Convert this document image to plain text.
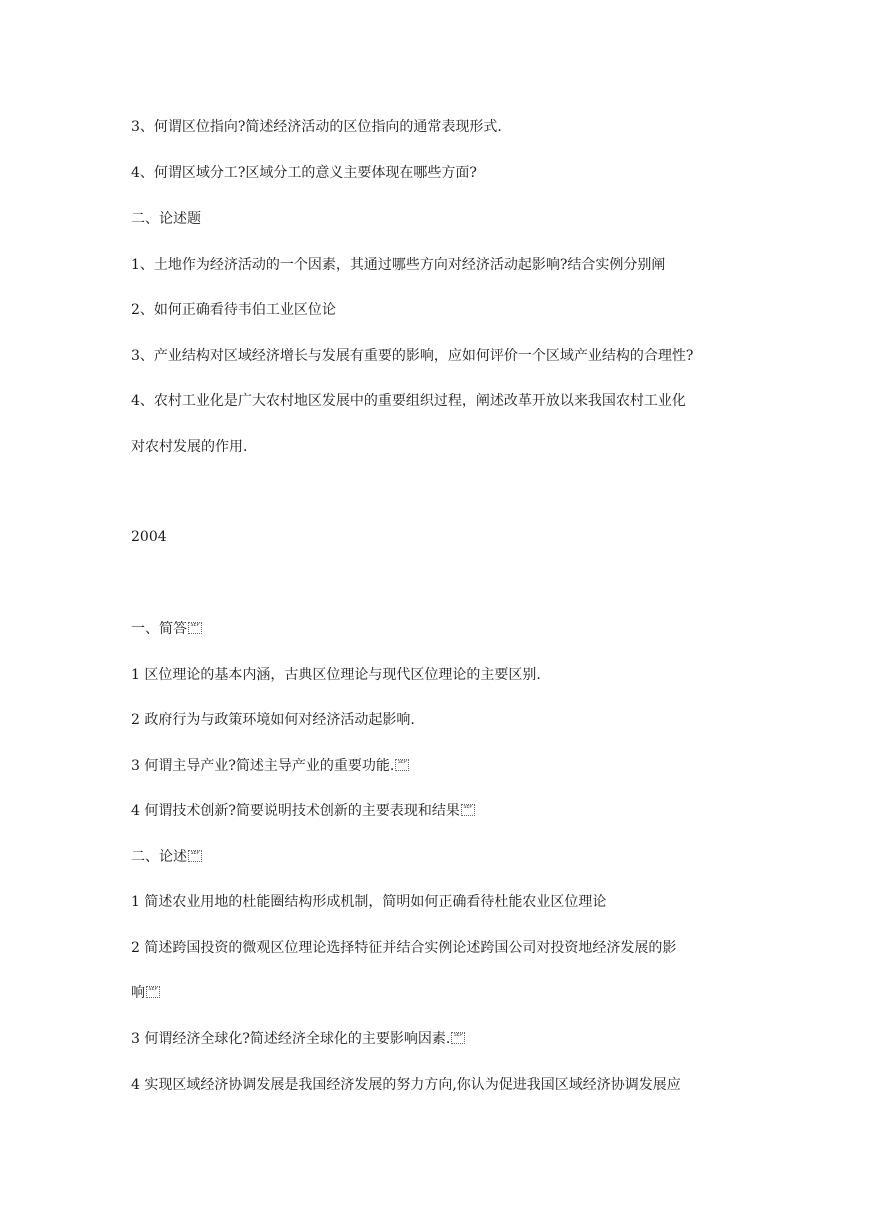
3、何谓区位指向?简述经济活动的区位指向的通常表现形式.

4、何谓区域分工?区域分工的意义主要体现在哪些方面?

二、论述题

1、土地作为经济活动的一个因素，其通过哪些方向对经济活动起影响?结合实例分别阐

2、如何正确看待韦伯工业区位论

3、产业结构对区域经济增长与发展有重要的影响，应如何评价一个区域产业结构的合理性?

4、农村工业化是广大农村地区发展中的重要组织过程，阐述改革开放以来我国农村工业化

对农村发展的作用.

2004

一、简答 SEP

1 区位理论的基本内涵，古典区位理论与现代区位理论的主要区别.

2 政府行为与政策环境如何对经济活动起影响.

3 何谓主导产业?简述主导产业的重要功能. SEP

4 何谓技术创新?简要说明技术创新的主要表现和结果 SEP

二、论述 SEP

1 简述农业用地的杜能圈结构形成机制，简明如何正确看待杜能农业区位理论

2 简述跨国投资的微观区位理论选择特征并结合实例论述跨国公司对投资地经济发展的影

响 SEP

3 何谓经济全球化?简述经济全球化的主要影响因素. SEP

4 实现区域经济协调发展是我国经济发展的努力方向,你认为促进我国区域经济协调发展应
